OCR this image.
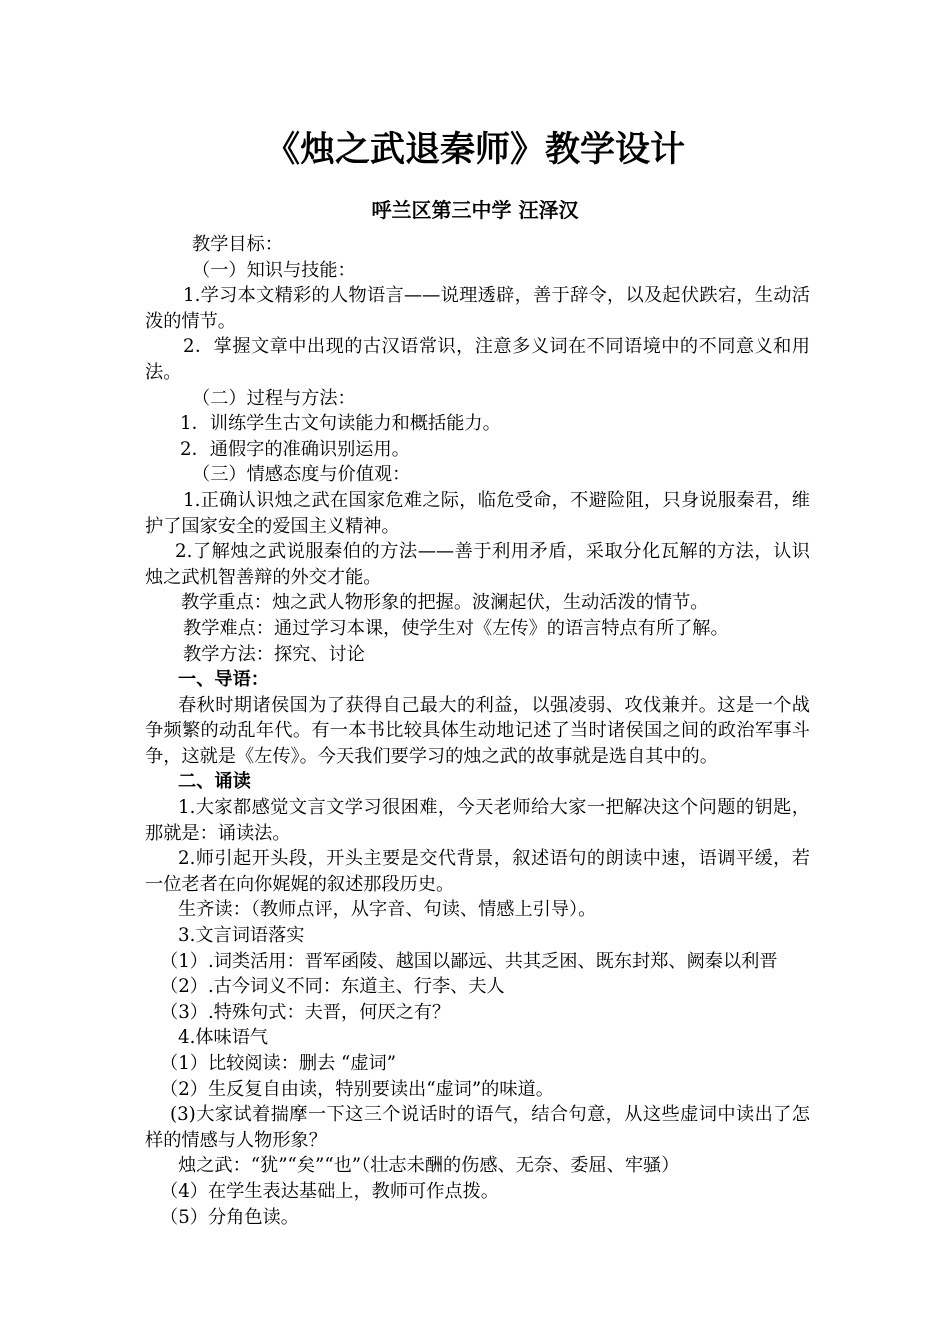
《烛之武退秦师》教学设计
呼兰区第三中学 汪泽汉

教学目标：

（一）知识与技能：

1.学习本文精彩的人物语言——说理透辟，善于辞令，以及起伏跌宕，生动活泼的情节。

2．掌握文章中出现的古汉语常识，注意多义词在不同语境中的不同意义和用法。

（二）过程与方法：

1．训练学生古文句读能力和概括能力。

2．通假字的准确识别运用。

（三）情感态度与价值观：

1.正确认识烛之武在国家危难之际，临危受命，不避险阻，只身说服秦君，维护了国家安全的爱国主义精神。

2.了解烛之武说服秦伯的方法——善于利用矛盾，采取分化瓦解的方法，认识烛之武机智善辩的外交才能。

教学重点：烛之武人物形象的把握。波澜起伏，生动活泼的情节。

教学难点：通过学习本课，使学生对《左传》的语言特点有所了解。

教学方法：探究、讨论

一、导语：

春秋时期诸侯国为了获得自己最大的利益，以强凌弱、攻伐兼并。这是一个战争频繁的动乱年代。有一本书比较具体生动地记述了当时诸侯国之间的政治军事斗争，这就是《左传》。今天我们要学习的烛之武的故事就是选自其中的。

二、诵读

1.大家都感觉文言文学习很困难，今天老师给大家一把解决这个问题的钥匙，那就是：诵读法。

2.师引起开头段，开头主要是交代背景，叙述语句的朗读中速，语调平缓，若一位老者在向你娓娓的叙述那段历史。

生齐读：（教师点评，从字音、句读、情感上引导）。

3.文言词语落实

（1）.词类活用：晋军函陵、越国以鄙远、共其乏困、既东封郑、阙秦以利晋

（2）.古今词义不同：东道主、行李、夫人

（3）.特殊句式：夫晋，何厌之有？

4.体味语气

（1）比较阅读：删去 “虚词”

（2）生反复自由读，特别要读出“虚词”的味道。

(3)大家试着揣摩一下这三个说话时的语气，结合句意，从这些虚词中读出了怎样的情感与人物形象？

烛之武：“犹”“矣”“也”（壮志未酬的伤感、无奈、委屈、牢骚）

（4）在学生表达基础上，教师可作点拨。

（5）分角色读。
